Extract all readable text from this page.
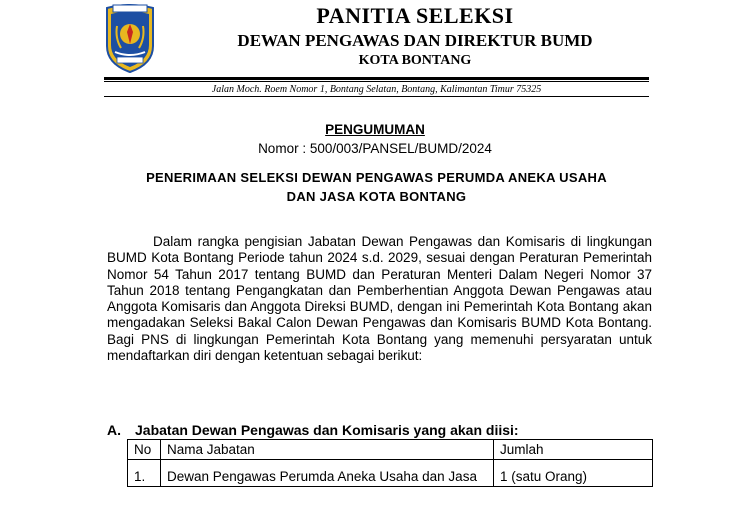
PANITIA SELEKSI
DEWAN PENGAWAS DAN DIREKTUR BUMD
KOTA BONTANG
Jalan Moch. Roem Nomor 1, Bontang Selatan, Bontang, Kalimantan Timur 75325
PENGUMUMAN
Nomor : 500/003/PANSEL/BUMD/2024
PENERIMAAN SELEKSI DEWAN PENGAWAS PERUMDA ANEKA USAHA
DAN JASA KOTA BONTANG
Dalam rangka pengisian Jabatan Dewan Pengawas dan Komisaris di lingkungan BUMD Kota Bontang Periode tahun 2024 s.d. 2029, sesuai dengan Peraturan Pemerintah Nomor 54 Tahun 2017 tentang BUMD dan Peraturan Menteri Dalam Negeri Nomor 37 Tahun 2018 tentang Pengangkatan dan Pemberhentian Anggota Dewan Pengawas atau Anggota Komisaris dan Anggota Direksi BUMD, dengan ini Pemerintah Kota Bontang akan mengadakan Seleksi Bakal Calon Dewan Pengawas dan Komisaris BUMD Kota Bontang. Bagi PNS di lingkungan Pemerintah Kota Bontang yang memenuhi persyaratan untuk mendaftarkan diri dengan ketentuan sebagai berikut:
A. Jabatan Dewan Pengawas dan Komisaris yang akan diisi:
No	Nama Jabatan	Jumlah
1.	Dewan Pengawas Perumda Aneka Usaha dan Jasa	1 (satu Orang)
